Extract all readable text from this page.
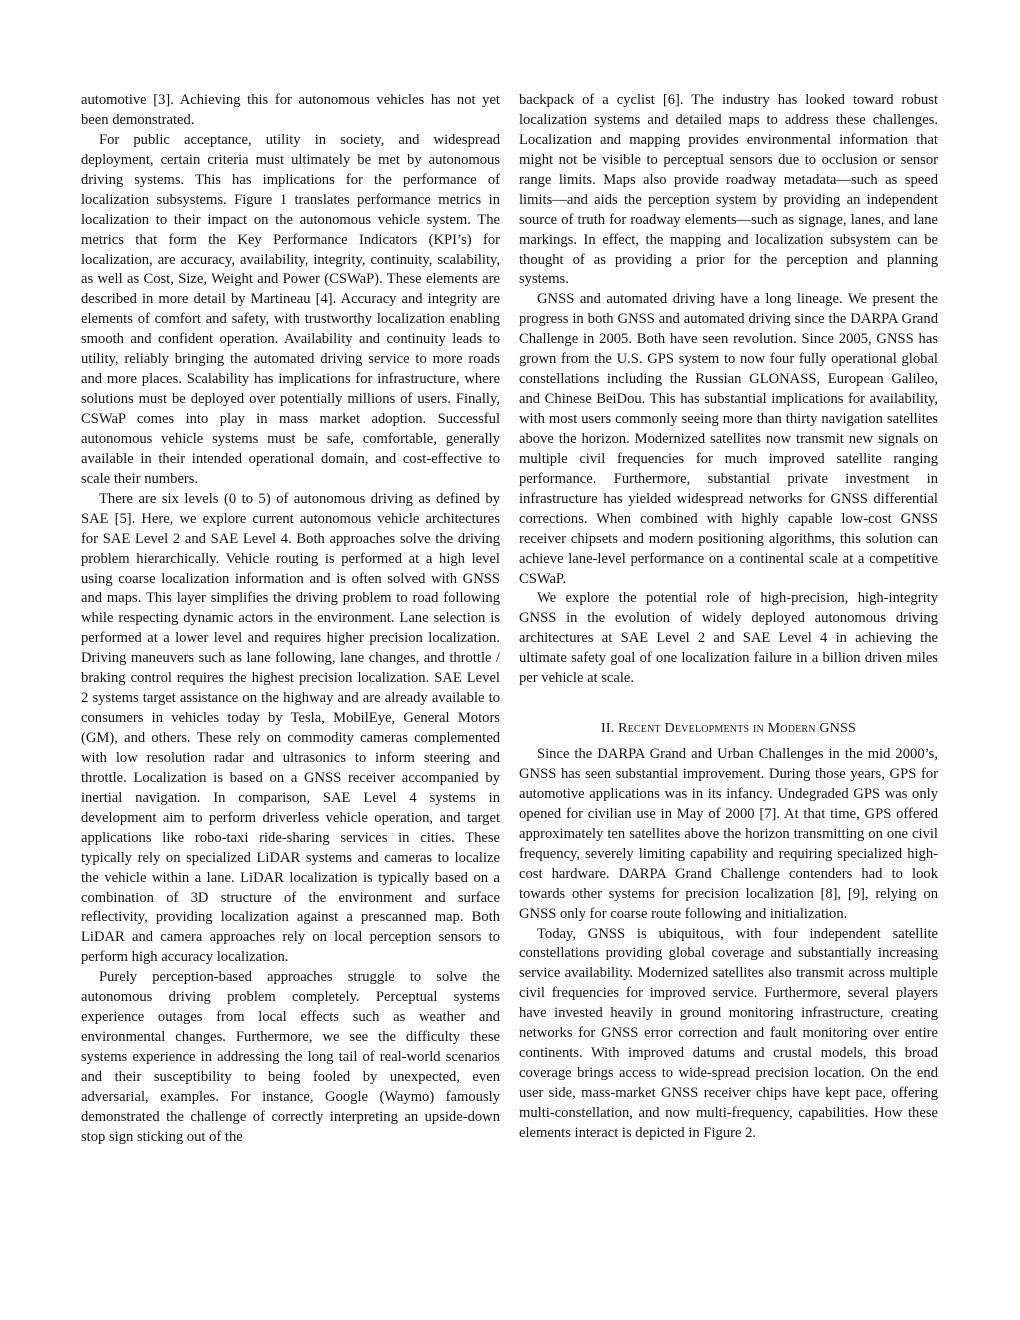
automotive [3]. Achieving this for autonomous vehicles has not yet been demonstrated.

For public acceptance, utility in society, and widespread deployment, certain criteria must ultimately be met by autonomous driving systems. This has implications for the performance of localization subsystems. Figure 1 translates performance metrics in localization to their impact on the autonomous vehicle system. The metrics that form the Key Performance Indicators (KPI’s) for localization, are accuracy, availability, integrity, continuity, scalability, as well as Cost, Size, Weight and Power (CSWaP). These elements are described in more detail by Martineau [4]. Accuracy and integrity are elements of comfort and safety, with trustworthy localization enabling smooth and confident operation. Availability and continuity leads to utility, reliably bringing the automated driving service to more roads and more places. Scalability has implications for infrastructure, where solutions must be deployed over potentially millions of users. Finally, CSWaP comes into play in mass market adoption. Successful autonomous vehicle systems must be safe, comfortable, generally available in their intended operational domain, and cost-effective to scale their numbers.

There are six levels (0 to 5) of autonomous driving as defined by SAE [5]. Here, we explore current autonomous vehicle architectures for SAE Level 2 and SAE Level 4. Both approaches solve the driving problem hierarchically. Vehicle routing is performed at a high level using coarse localization information and is often solved with GNSS and maps. This layer simplifies the driving problem to road following while respecting dynamic actors in the environment. Lane selection is performed at a lower level and requires higher precision localization. Driving maneuvers such as lane following, lane changes, and throttle / braking control requires the highest precision localization. SAE Level 2 systems target assistance on the highway and are already available to consumers in vehicles today by Tesla, MobilEye, General Motors (GM), and others. These rely on commodity cameras complemented with low resolution radar and ultrasonics to inform steering and throttle. Localization is based on a GNSS receiver accompanied by inertial navigation. In comparison, SAE Level 4 systems in development aim to perform driverless vehicle operation, and target applications like robo-taxi ride-sharing services in cities. These typically rely on specialized LiDAR systems and cameras to localize the vehicle within a lane. LiDAR localization is typically based on a combination of 3D structure of the environment and surface reflectivity, providing localization against a prescanned map. Both LiDAR and camera approaches rely on local perception sensors to perform high accuracy localization.

Purely perception-based approaches struggle to solve the autonomous driving problem completely. Perceptual systems experience outages from local effects such as weather and environmental changes. Furthermore, we see the difficulty these systems experience in addressing the long tail of real-world scenarios and their susceptibility to being fooled by unexpected, even adversarial, examples. For instance, Google (Waymo) famously demonstrated the challenge of correctly interpreting an upside-down stop sign sticking out of the

backpack of a cyclist [6]. The industry has looked toward robust localization systems and detailed maps to address these challenges. Localization and mapping provides environmental information that might not be visible to perceptual sensors due to occlusion or sensor range limits. Maps also provide roadway metadata—such as speed limits—and aids the perception system by providing an independent source of truth for roadway elements—such as signage, lanes, and lane markings. In effect, the mapping and localization subsystem can be thought of as providing a prior for the perception and planning systems.

GNSS and automated driving have a long lineage. We present the progress in both GNSS and automated driving since the DARPA Grand Challenge in 2005. Both have seen revolution. Since 2005, GNSS has grown from the U.S. GPS system to now four fully operational global constellations including the Russian GLONASS, European Galileo, and Chinese BeiDou. This has substantial implications for availability, with most users commonly seeing more than thirty navigation satellites above the horizon. Modernized satellites now transmit new signals on multiple civil frequencies for much improved satellite ranging performance. Furthermore, substantial private investment in infrastructure has yielded widespread networks for GNSS differential corrections. When combined with highly capable low-cost GNSS receiver chipsets and modern positioning algorithms, this solution can achieve lane-level performance on a continental scale at a competitive CSWaP.

We explore the potential role of high-precision, high-integrity GNSS in the evolution of widely deployed autonomous driving architectures at SAE Level 2 and SAE Level 4 in achieving the ultimate safety goal of one localization failure in a billion driven miles per vehicle at scale.

II. Recent Developments in Modern GNSS

Since the DARPA Grand and Urban Challenges in the mid 2000’s, GNSS has seen substantial improvement. During those years, GPS for automotive applications was in its infancy. Undegraded GPS was only opened for civilian use in May of 2000 [7]. At that time, GPS offered approximately ten satellites above the horizon transmitting on one civil frequency, severely limiting capability and requiring specialized high-cost hardware. DARPA Grand Challenge contenders had to look towards other systems for precision localization [8], [9], relying on GNSS only for coarse route following and initialization.

Today, GNSS is ubiquitous, with four independent satellite constellations providing global coverage and substantially increasing service availability. Modernized satellites also transmit across multiple civil frequencies for improved service. Furthermore, several players have invested heavily in ground monitoring infrastructure, creating networks for GNSS error correction and fault monitoring over entire continents. With improved datums and crustal models, this broad coverage brings access to wide-spread precision location. On the end user side, mass-market GNSS receiver chips have kept pace, offering multi-constellation, and now multi-frequency, capabilities. How these elements interact is depicted in Figure 2.
